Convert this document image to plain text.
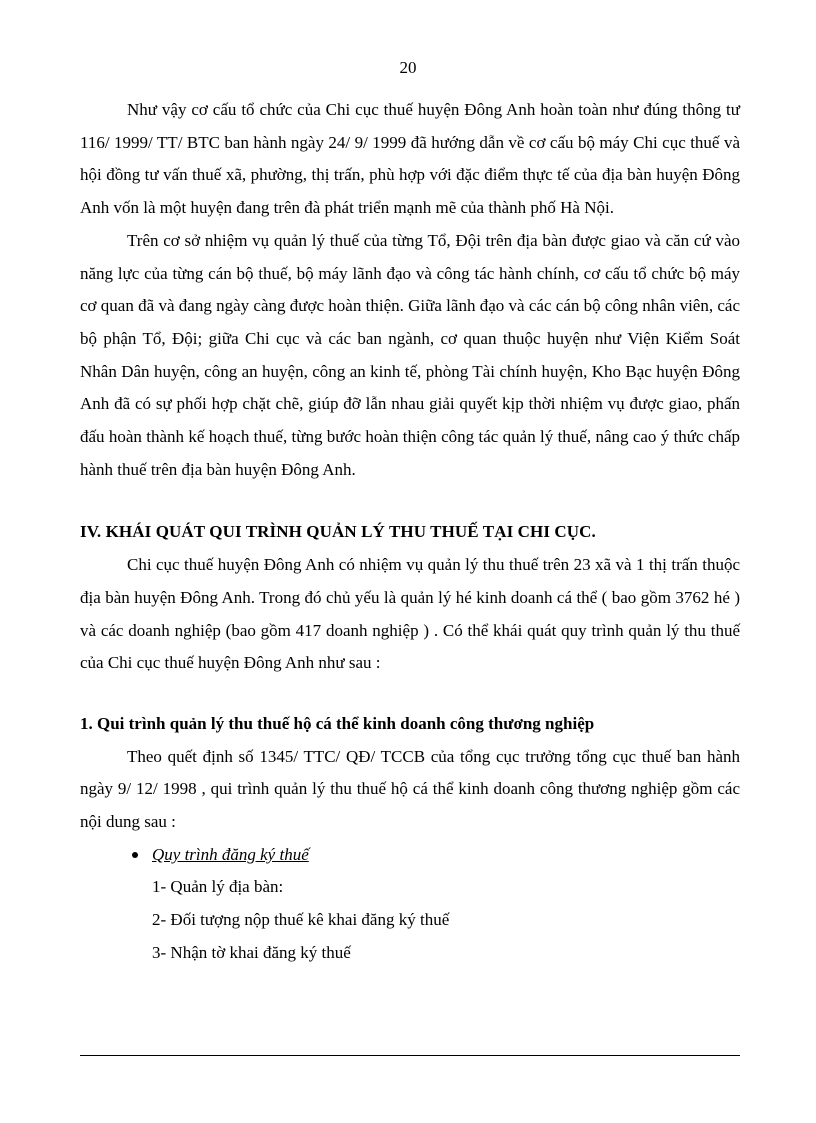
20

Như vậy cơ cấu tổ chức của Chi cục thuế huyện Đông Anh hoàn toàn như đúng thông tư 116/ 1999/ TT/ BTC ban hành ngày 24/ 9/ 1999 đã hướng dẫn về cơ cấu bộ máy Chi cục thuế và hội đồng tư vấn thuế xã, phường, thị trấn, phù hợp với đặc điểm thực tế của địa bàn huyện Đông Anh vốn là một huyện đang trên đà phát triển mạnh mẽ của thành phố Hà Nội.

Trên cơ sở nhiệm vụ quản lý thuế của từng Tổ, Đội trên địa bàn được giao và căn cứ vào năng lực của từng cán bộ thuế, bộ máy lãnh đạo và công tác hành chính, cơ cấu tổ chức bộ máy cơ quan đã và đang ngày càng được hoàn thiện. Giữa lãnh đạo và các cán bộ công nhân viên, các bộ phận Tổ, Đội; giữa Chi cục và các ban ngành, cơ quan thuộc huyện như Viện Kiểm Soát Nhân Dân huyện, công an huyện, công an kinh tế, phòng Tài chính huyện, Kho Bạc huyện Đông Anh đã có sự phối hợp chặt chẽ, giúp đỡ lẫn nhau giải quyết kịp thời nhiệm vụ được giao, phấn đấu hoàn thành kế hoạch thuế, từng bước hoàn thiện công tác quản lý thuế, nâng cao ý thức chấp hành thuế trên địa bàn huyện Đông Anh.

IV. KHÁI QUÁT QUI TRÌNH QUẢN LÝ THU THUẾ TẠI CHI CỤC.

Chi cục thuế huyện Đông Anh có nhiệm vụ quản lý thu thuế trên 23 xã và 1 thị trấn thuộc địa bàn huyện Đông Anh. Trong đó chủ yếu là quản lý hé kinh doanh cá thể ( bao gồm 3762 hé ) và các doanh nghiệp (bao gồm 417 doanh nghiệp ) . Có thể khái quát quy trình quản lý thu thuế của Chi cục thuế huyện Đông Anh như sau :

1. Qui trình quản lý thu thuế hộ cá thể kinh doanh công thương nghiệp

Theo quết định số 1345/ TTC/ QĐ/ TCCB của tổng cục trưởng tổng cục thuế ban hành ngày 9/ 12/ 1998 , qui trình quản lý thu thuế hộ cá thể kinh doanh công thương nghiệp gồm các nội dung sau :

Quy trình đăng ký thuế

1- Quản lý địa bàn:

2- Đối tượng nộp thuế kê khai đăng ký thuế

3- Nhận tờ khai đăng ký thuế
